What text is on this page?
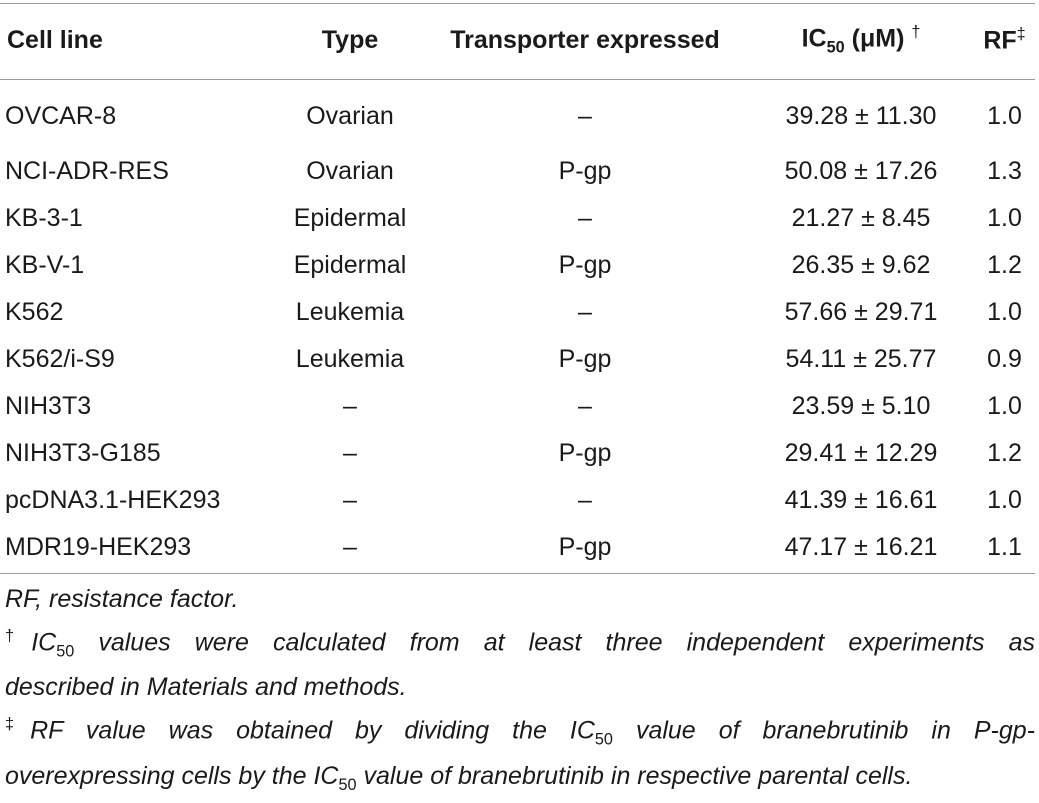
Cell line	Type	Transporter expressed	$IC_{50}$ (μM) †	RF‡
OVCAR-8	Ovarian	–	39.28 ± 11.30	1.0
NCI-ADR-RES	Ovarian	P-gp	50.08 ± 17.26	1.3
KB-3-1	Epidermal	–	21.27 ± 8.45	1.0
KB-V-1	Epidermal	P-gp	26.35 ± 9.62	1.2
K562	Leukemia	–	57.66 ± 29.71	1.0
K562/i-S9	Leukemia	P-gp	54.11 ± 25.77	0.9
NIH3T3	–	–	23.59 ± 5.10	1.0
NIH3T3-G185	–	P-gp	29.41 ± 12.29	1.2
pcDNA3.1-HEK293	–	–	41.39 ± 16.61	1.0
MDR19-HEK293	–	P-gp	47.17 ± 16.21	1.1

RF, resistance factor.

$^\dagger IC_{50}$ values were calculated from at least three independent experiments as
described in Materials and methods.
‡RF value was obtained by dividing the $IC_{50}$ value of branebrutinib in P-gp-
overexpressing cells by the $IC_{50}$ value of branebrutinib in respective parental cells.
